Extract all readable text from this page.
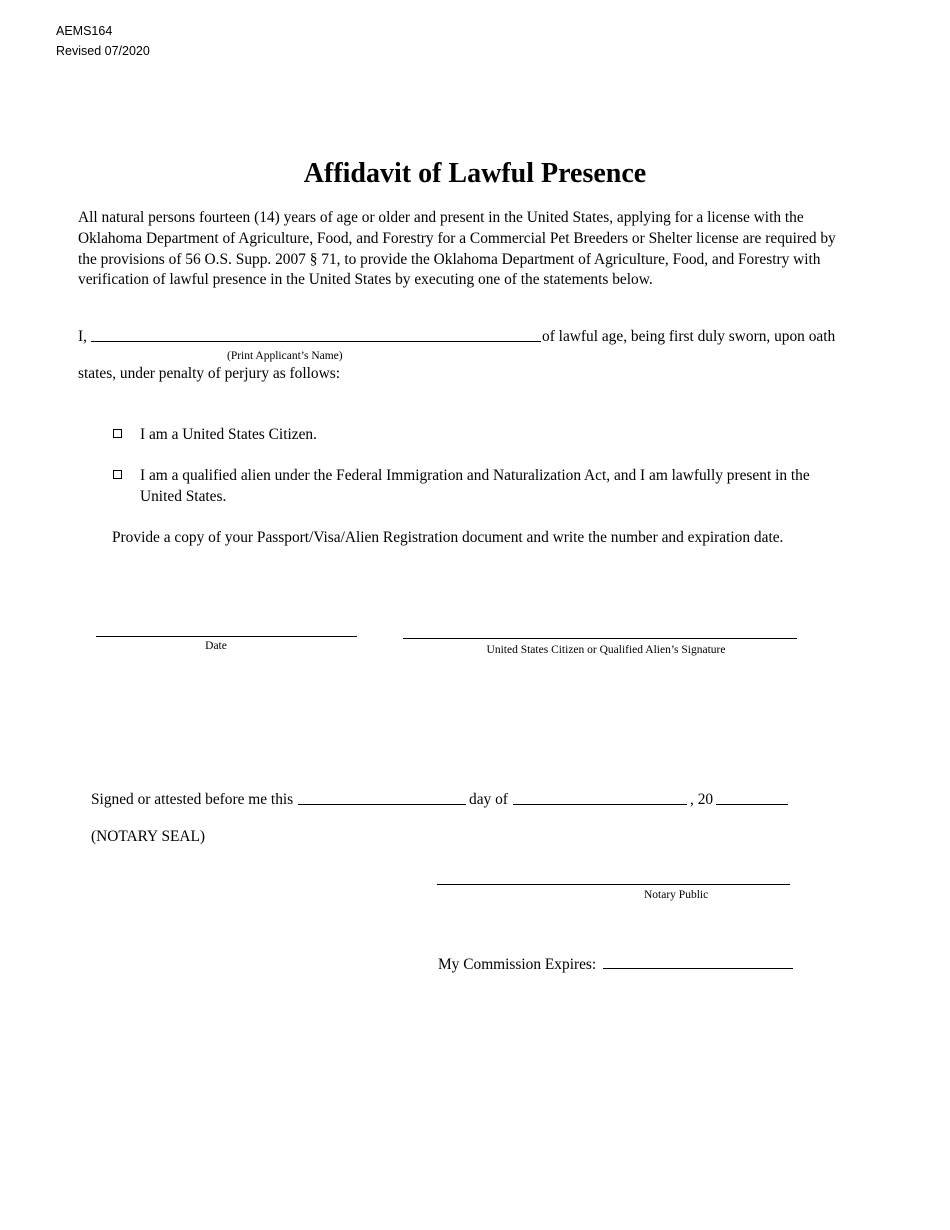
AEMS164
Revised 07/2020
Affidavit of Lawful Presence
All natural persons fourteen (14) years of age or older and present in the United States, applying for a license with the Oklahoma Department of Agriculture, Food, and Forestry for a Commercial Pet Breeders or Shelter license are required by the provisions of 56 O.S. Supp. 2007 § 71, to provide the Oklahoma Department of Agriculture, Food, and Forestry with verification of lawful presence in the United States by executing one of the statements below.
I,	of lawful age, being first duly sworn, upon oath
(Print Applicant’s Name)
states, under penalty of perjury as follows:
I am a United States Citizen.
I am a qualified alien under the Federal Immigration and Naturalization Act, and I am lawfully present in the United States.
Provide a copy of your Passport/Visa/Alien Registration document and write the number and expiration date.
Date	United States Citizen or Qualified Alien’s Signature
Signed or attested before me this	day of	, 20
(NOTARY SEAL)
Notary Public
My Commission Expires:
